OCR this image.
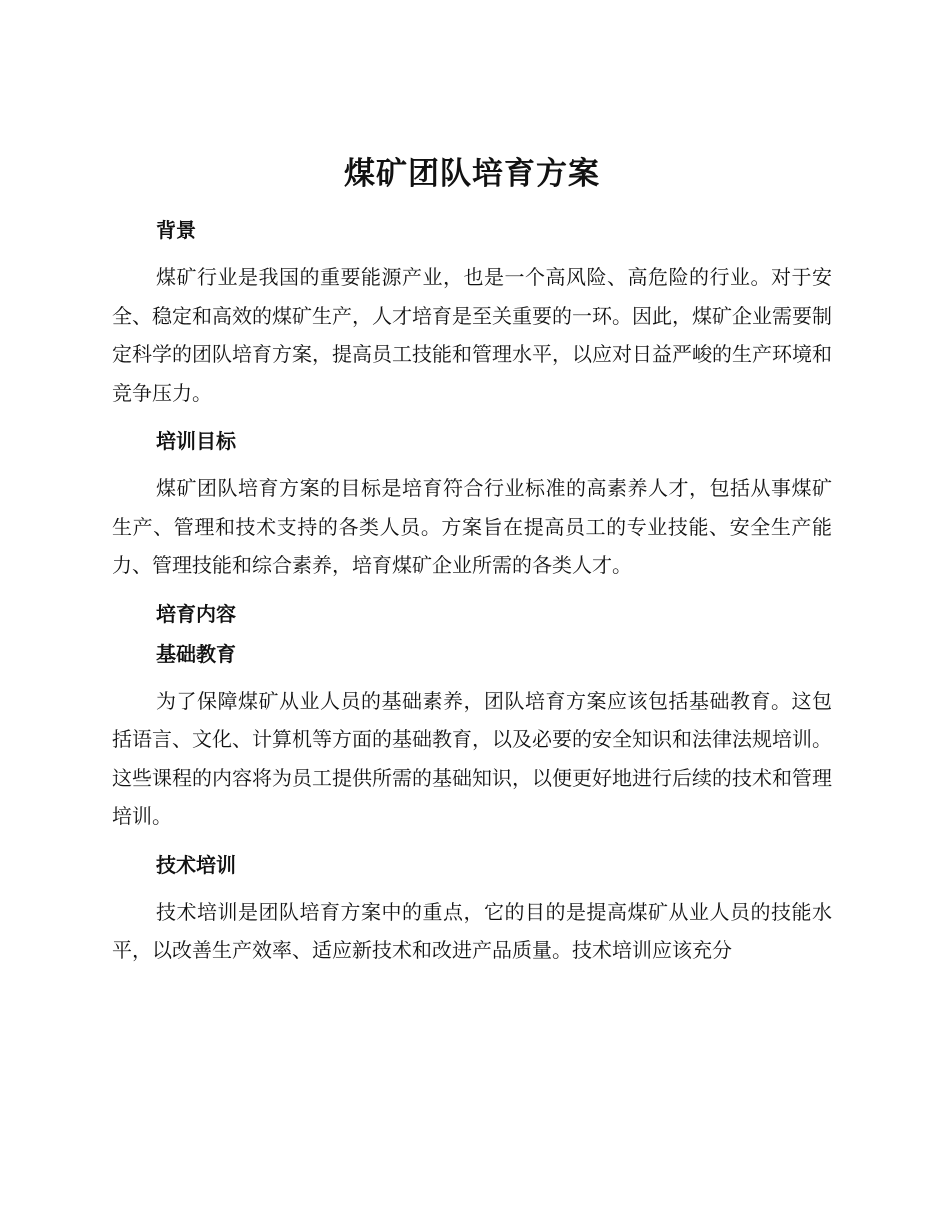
煤矿团队培育方案
背景

煤矿行业是我国的重要能源产业，也是一个高风险、高危险的行业。对于安全、稳定和高效的煤矿生产，人才培育是至关重要的一环。因此，煤矿企业需要制定科学的团队培育方案，提高员工技能和管理水平，以应对日益严峻的生产环境和竞争压力。

培训目标

煤矿团队培育方案的目标是培育符合行业标准的高素养人才，包括从事煤矿生产、管理和技术支持的各类人员。方案旨在提高员工的专业技能、安全生产能力、管理技能和综合素养，培育煤矿企业所需的各类人才。

培育内容
基础教育

为了保障煤矿从业人员的基础素养，团队培育方案应该包括基础教育。这包括语言、文化、计算机等方面的基础教育，以及必要的安全知识和法律法规培训。这些课程的内容将为员工提供所需的基础知识，以便更好地进行后续的技术和管理培训。

技术培训

技术培训是团队培育方案中的重点，它的目的是提高煤矿从业人员的技能水平，以改善生产效率、适应新技术和改进产品质量。技术培训应该充分
